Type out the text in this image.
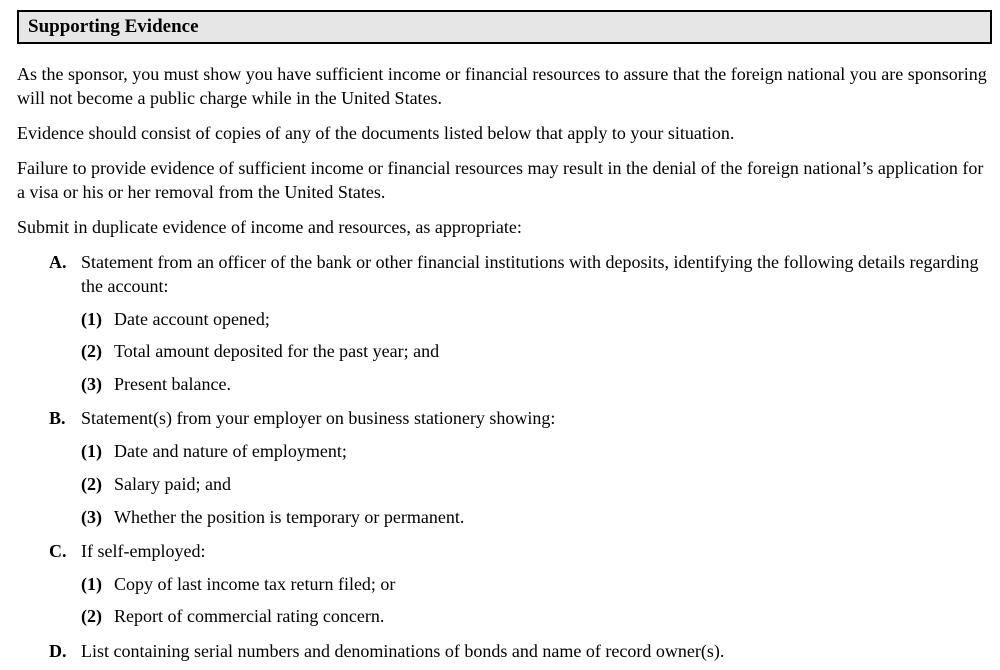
Supporting Evidence

As the sponsor, you must show you have sufficient income or financial resources to assure that the foreign national you are sponsoring will not become a public charge while in the United States.

Evidence should consist of copies of any of the documents listed below that apply to your situation.

Failure to provide evidence of sufficient income or financial resources may result in the denial of the foreign national’s application for a visa or his or her removal from the United States.

Submit in duplicate evidence of income and resources, as appropriate:

A. Statement from an officer of the bank or other financial institutions with deposits, identifying the following details regarding the account:
(1) Date account opened;
(2) Total amount deposited for the past year; and
(3) Present balance.
B. Statement(s) from your employer on business stationery showing:
(1) Date and nature of employment;
(2) Salary paid; and
(3) Whether the position is temporary or permanent.
C. If self-employed:
(1) Copy of last income tax return filed; or
(2) Report of commercial rating concern.
D. List containing serial numbers and denominations of bonds and name of record owner(s).
